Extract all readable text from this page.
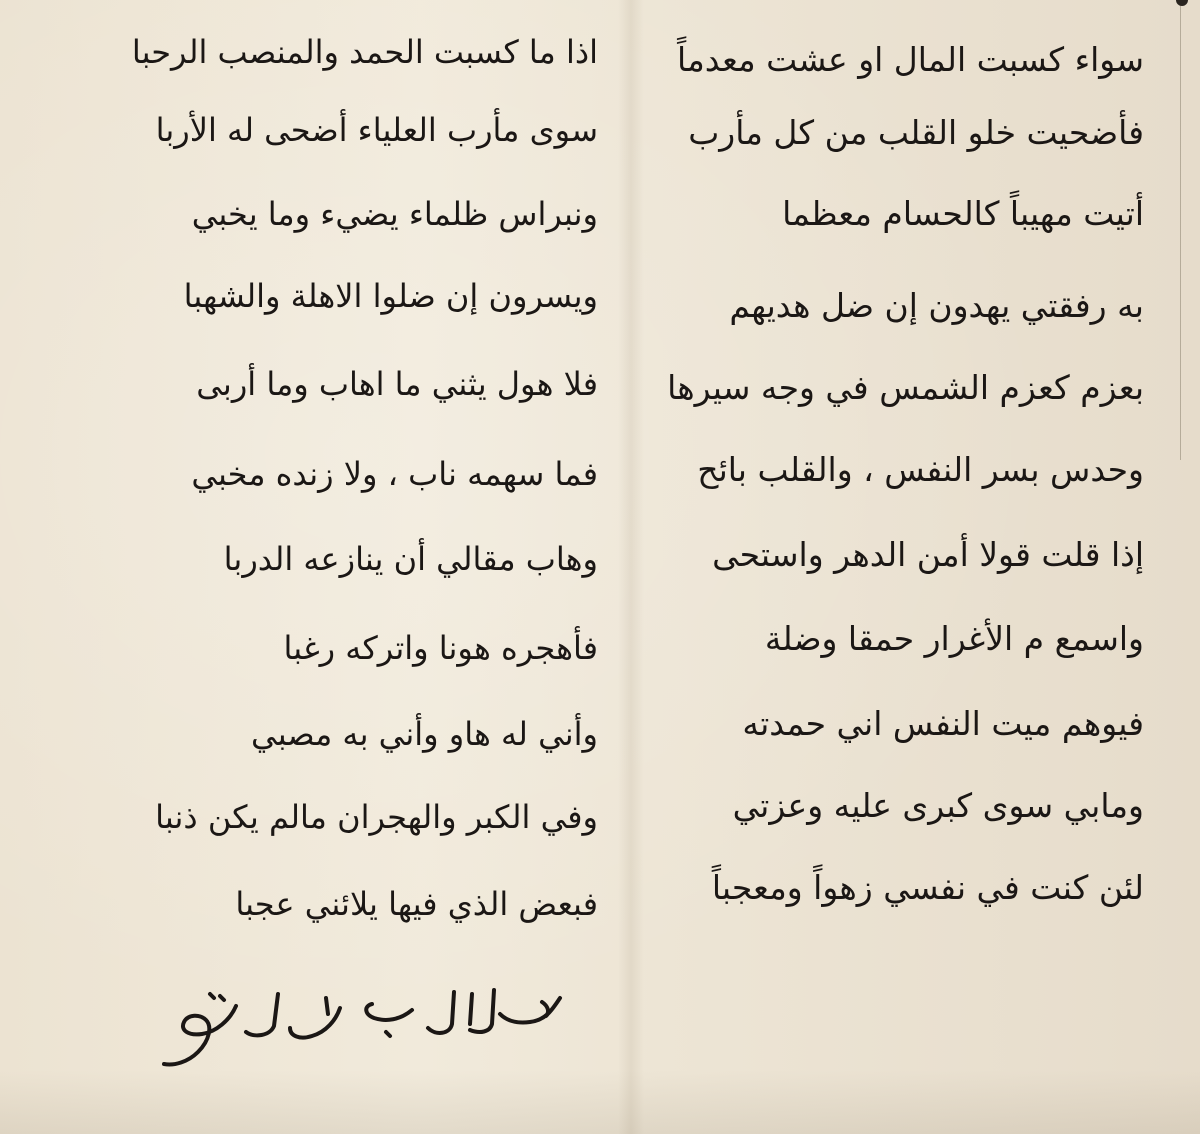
سواء كسبت المال او عشت معدماً
فأضحيت خلو القلب من كل مأرب
أتيت مهيباً كالحسام معظما
به رفقتي يهدون إن ضل هديهم
بعزم كعزم الشمس في وجه سيرها
وحدس بسر النفس ، والقلب بائح
إذا قلت قولا أمن الدهر واستحى
واسمع م الأغرار حمقا وضلة
فيوهم ميت النفس اني حمدته
ومابي سوى كبرى عليه وعزتي
لئن كنت في نفسي زهواً ومعجباً
اذا ما كسبت الحمد والمنصب الرحبا
سوى مأرب العلياء أضحى له الأربا
ونبراس ظلماء يضيء وما يخبي
ويسرون إن ضلوا الاهلة والشهبا
فلا هول يثني ما اهاب وما أربى
فما سهمه ناب ، ولا زنده مخبي
وهاب مقالي أن ينازعه الدربا
فأهجره هونا واتركه رغبا
وأني له هاو وأني به مصبي
وفي الكبر والهجران مالم يكن ذنبا
فبعض الذي فيها يلائني عجبا
